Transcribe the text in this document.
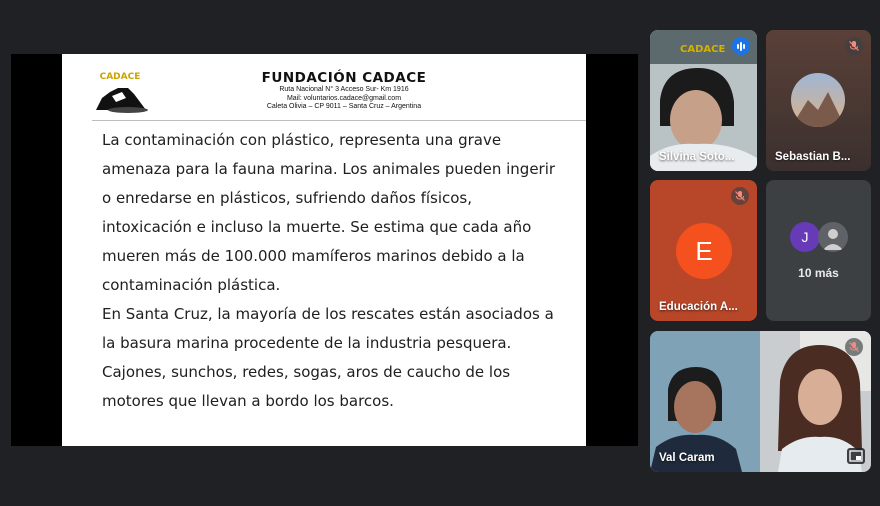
CADACE	FUNDACIÓN CADACE
Ruta Nacional N° 3 Acceso Sur- Km 1916
Mail: voluntarios.cadace@gmail.com
Caleta Olivia – CP 9011 – Santa Cruz – Argentina

La contaminación con plástico, representa una grave amenaza para la fauna marina. Los animales pueden ingerir o enredarse en plásticos, sufriendo daños físicos, intoxicación e incluso la muerte. Se estima que cada año mueren más de 100.000 mamíferos marinos debido a la contaminación plástica.

En Santa Cruz, la mayoría de los rescates están asociados a la basura marina procedente de la industria pesquera. Cajones, sunchos, redes, sogas, aros de caucho de los motores que llevan a bordo los barcos.

CADACE
Silvina Soto...	Sebastian B...
E
Educación A...
J
10 más
Val Caram
